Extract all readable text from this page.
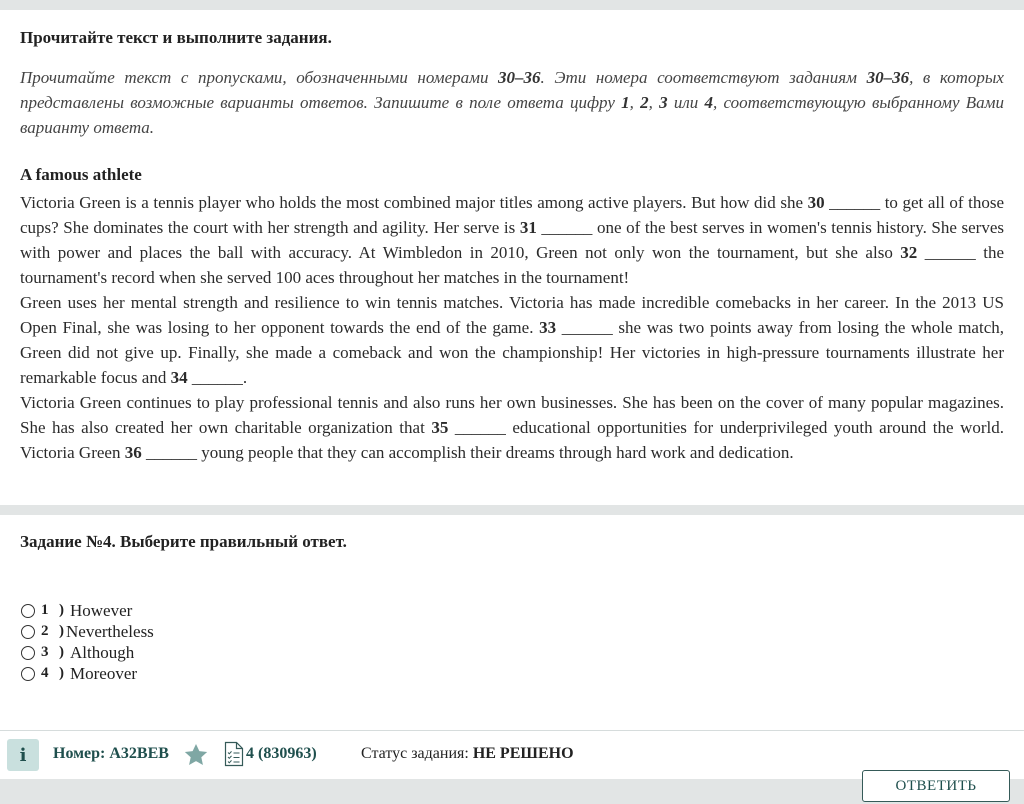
Прочитайте текст и выполните задания.
Прочитайте текст с пропусками, обозначенными номерами 30–36. Эти номера соответствуют заданиям 30–36, в которых представлены возможные варианты ответов. Запишите в поле ответа цифру 1, 2, 3 или 4, соответствующую выбранному Вами варианту ответа.
A famous athlete

Victoria Green is a tennis player who holds the most combined major titles among active players. But how did she 30 ______ to get all of those cups? She dominates the court with her strength and agility. Her serve is 31 ______ one of the best serves in women's tennis history. She serves with power and places the ball with accuracy. At Wimbledon in 2010, Green not only won the tournament, but she also 32 ______ the tournament's record when she served 100 aces throughout her matches in the tournament!

Green uses her mental strength and resilience to win tennis matches. Victoria has made incredible comebacks in her career. In the 2013 US Open Final, she was losing to her opponent towards the end of the game. 33 ______ she was two points away from losing the whole match, Green did not give up. Finally, she made a comeback and won the championship! Her victories in high-pressure tournaments illustrate her remarkable focus and 34 ______.

Victoria Green continues to play professional tennis and also runs her own businesses. She has been on the cover of many popular magazines. She has also created her own charitable organization that 35 ______ educational opportunities for underprivileged youth around the world. Victoria Green 36 ______ young people that they can accomplish their dreams through hard work and dedication.

Задание №4. Выберите правильный ответ.
1 ) However
2 ) Nevertheless
3 ) Although
4 ) Moreover
i	Номер: A32BEB	4 (830963)	Статус задания: НЕ РЕШЕНО
ОТВЕТИТЬ
